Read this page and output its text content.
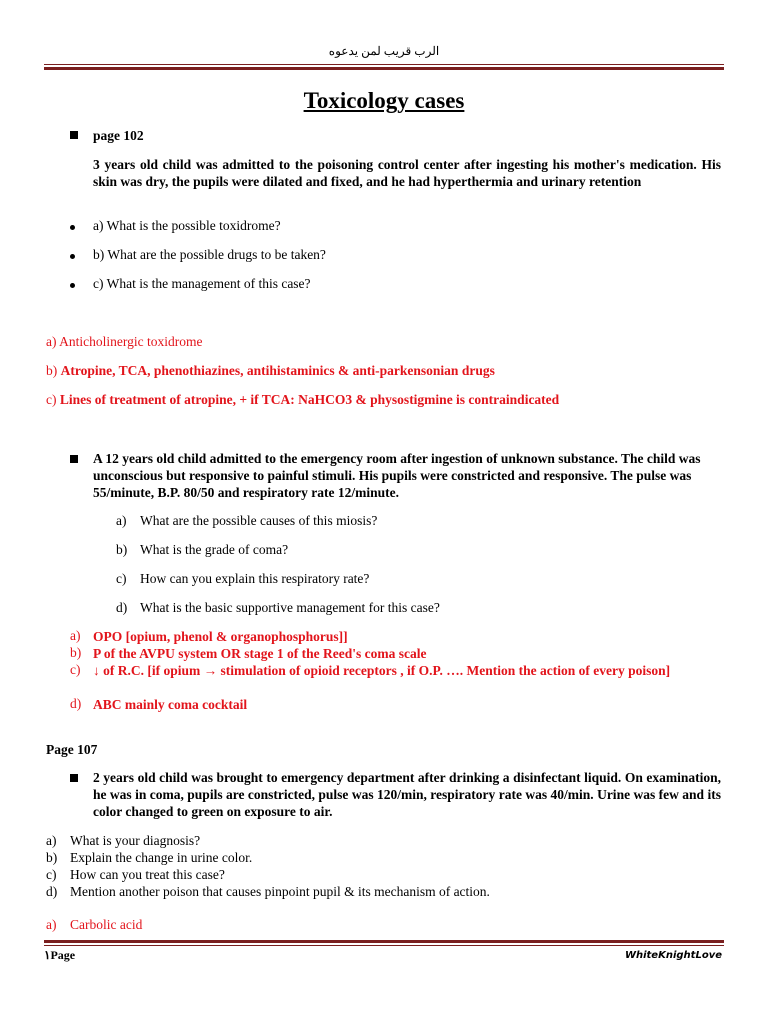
الرب قريب لمن يدعوه
Toxicology cases
page 102
3 years old child was admitted to the poisoning control center after ingesting his mother's medication. His skin was dry, the pupils were dilated and fixed, and he had hyperthermia and urinary retention
a) What is the possible toxidrome?
b) What are the possible drugs to be taken?
c) What is the management of this case?
a) Anticholinergic toxidrome
b) Atropine, TCA, phenothiazines, antihistaminics & anti-parkensonian drugs
c) Lines of treatment of atropine, + if TCA: NaHCO3 & physostigmine is contraindicated
A 12 years old child admitted to the emergency room after ingestion of unknown substance. The child was unconscious but responsive to painful stimuli. His pupils were constricted and responsive. The pulse was 55/minute, B.P. 80/50 and respiratory rate 12/minute.
a) What are the possible causes of this miosis?
b) What is the grade of coma?
c) How can you explain this respiratory rate?
d) What is the basic supportive management for this case?
a) OPO [opium, phenol & organophosphorus]]
b) P of the AVPU system OR stage 1 of the Reed's coma scale
c) ↓ of R.C. [if opium → stimulation of opioid receptors , if O.P. …. Mention the action of every poison]
d) ABC mainly coma cocktail
Page 107
2 years old child was brought to emergency department after drinking a disinfectant liquid. On examination, he was in coma, pupils are constricted, pulse was 120/min, respiratory rate was 40/min. Urine was few and its color changed to green on exposure to air.
a) What is your diagnosis?
b) Explain the change in urine color.
c) How can you treat this case?
d) Mention another poison that causes pinpoint pupil & its mechanism of action.
a) Carbolic acid
١Page	WhiteKnightLove
